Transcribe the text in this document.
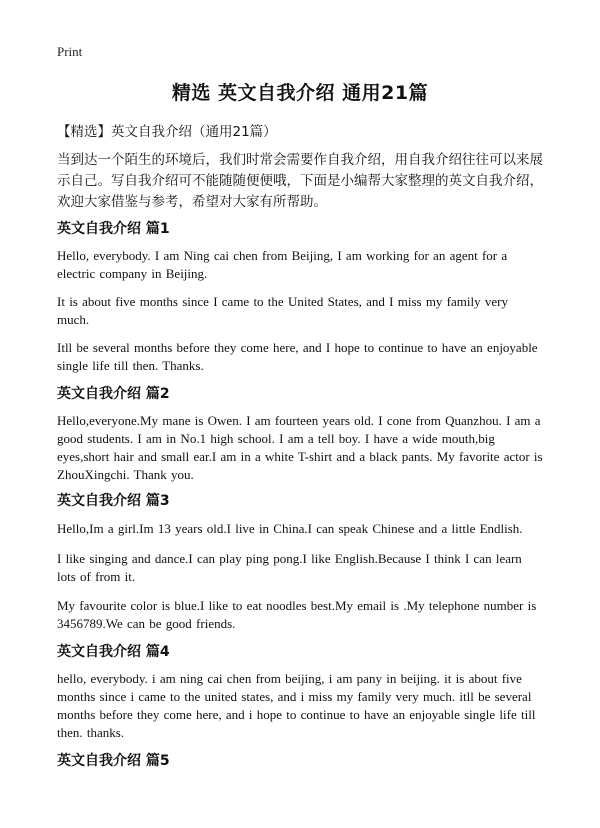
Print
精选 英文自我介绍 通用21篇
【精选】英文自我介绍（通用21篇）
当到达一个陌生的环境后，我们时常会需要作自我介绍，用自我介绍往往可以来展示自己。写自我介绍可不能随随便便哦，下面是小编帮大家整理的英文自我介绍，欢迎大家借鉴与参考，希望对大家有所帮助。
英文自我介绍 篇1
Hello, everybody. I am Ning cai chen from Beijing, I am working for an agent for a electric company in Beijing.
It is about five months since I came to the United States, and I miss my family very much.
Itll be several months before they come here, and I hope to continue to have an enjoyable single life till then. Thanks.
英文自我介绍 篇2
Hello,everyone.My mane is Owen. I am fourteen years old. I cone from Quanzhou. I am a good students. I am in No.1 high school. I am a tell boy. I have a wide mouth,big eyes,short hair and small ear.I am in a white T-shirt and a black pants. My favorite actor is ZhouXingchi. Thank you.
英文自我介绍 篇3
Hello,Im a girl.Im 13 years old.I live in China.I can speak Chinese and a little Endlish.
I like singing and dance.I can play ping pong.I like English.Because I think I can learn lots of from it.
My favourite color is blue.I like to eat noodles best.My email is .My telephone number is 3456789.We can be good friends.
英文自我介绍 篇4
hello, everybody. i am ning cai chen from beijing, i am pany in beijing. it is about five months since i came to the united states, and i miss my family very much. itll be several months before they come here, and i hope to continue to have an enjoyable single life till then. thanks.
英文自我介绍 篇5
